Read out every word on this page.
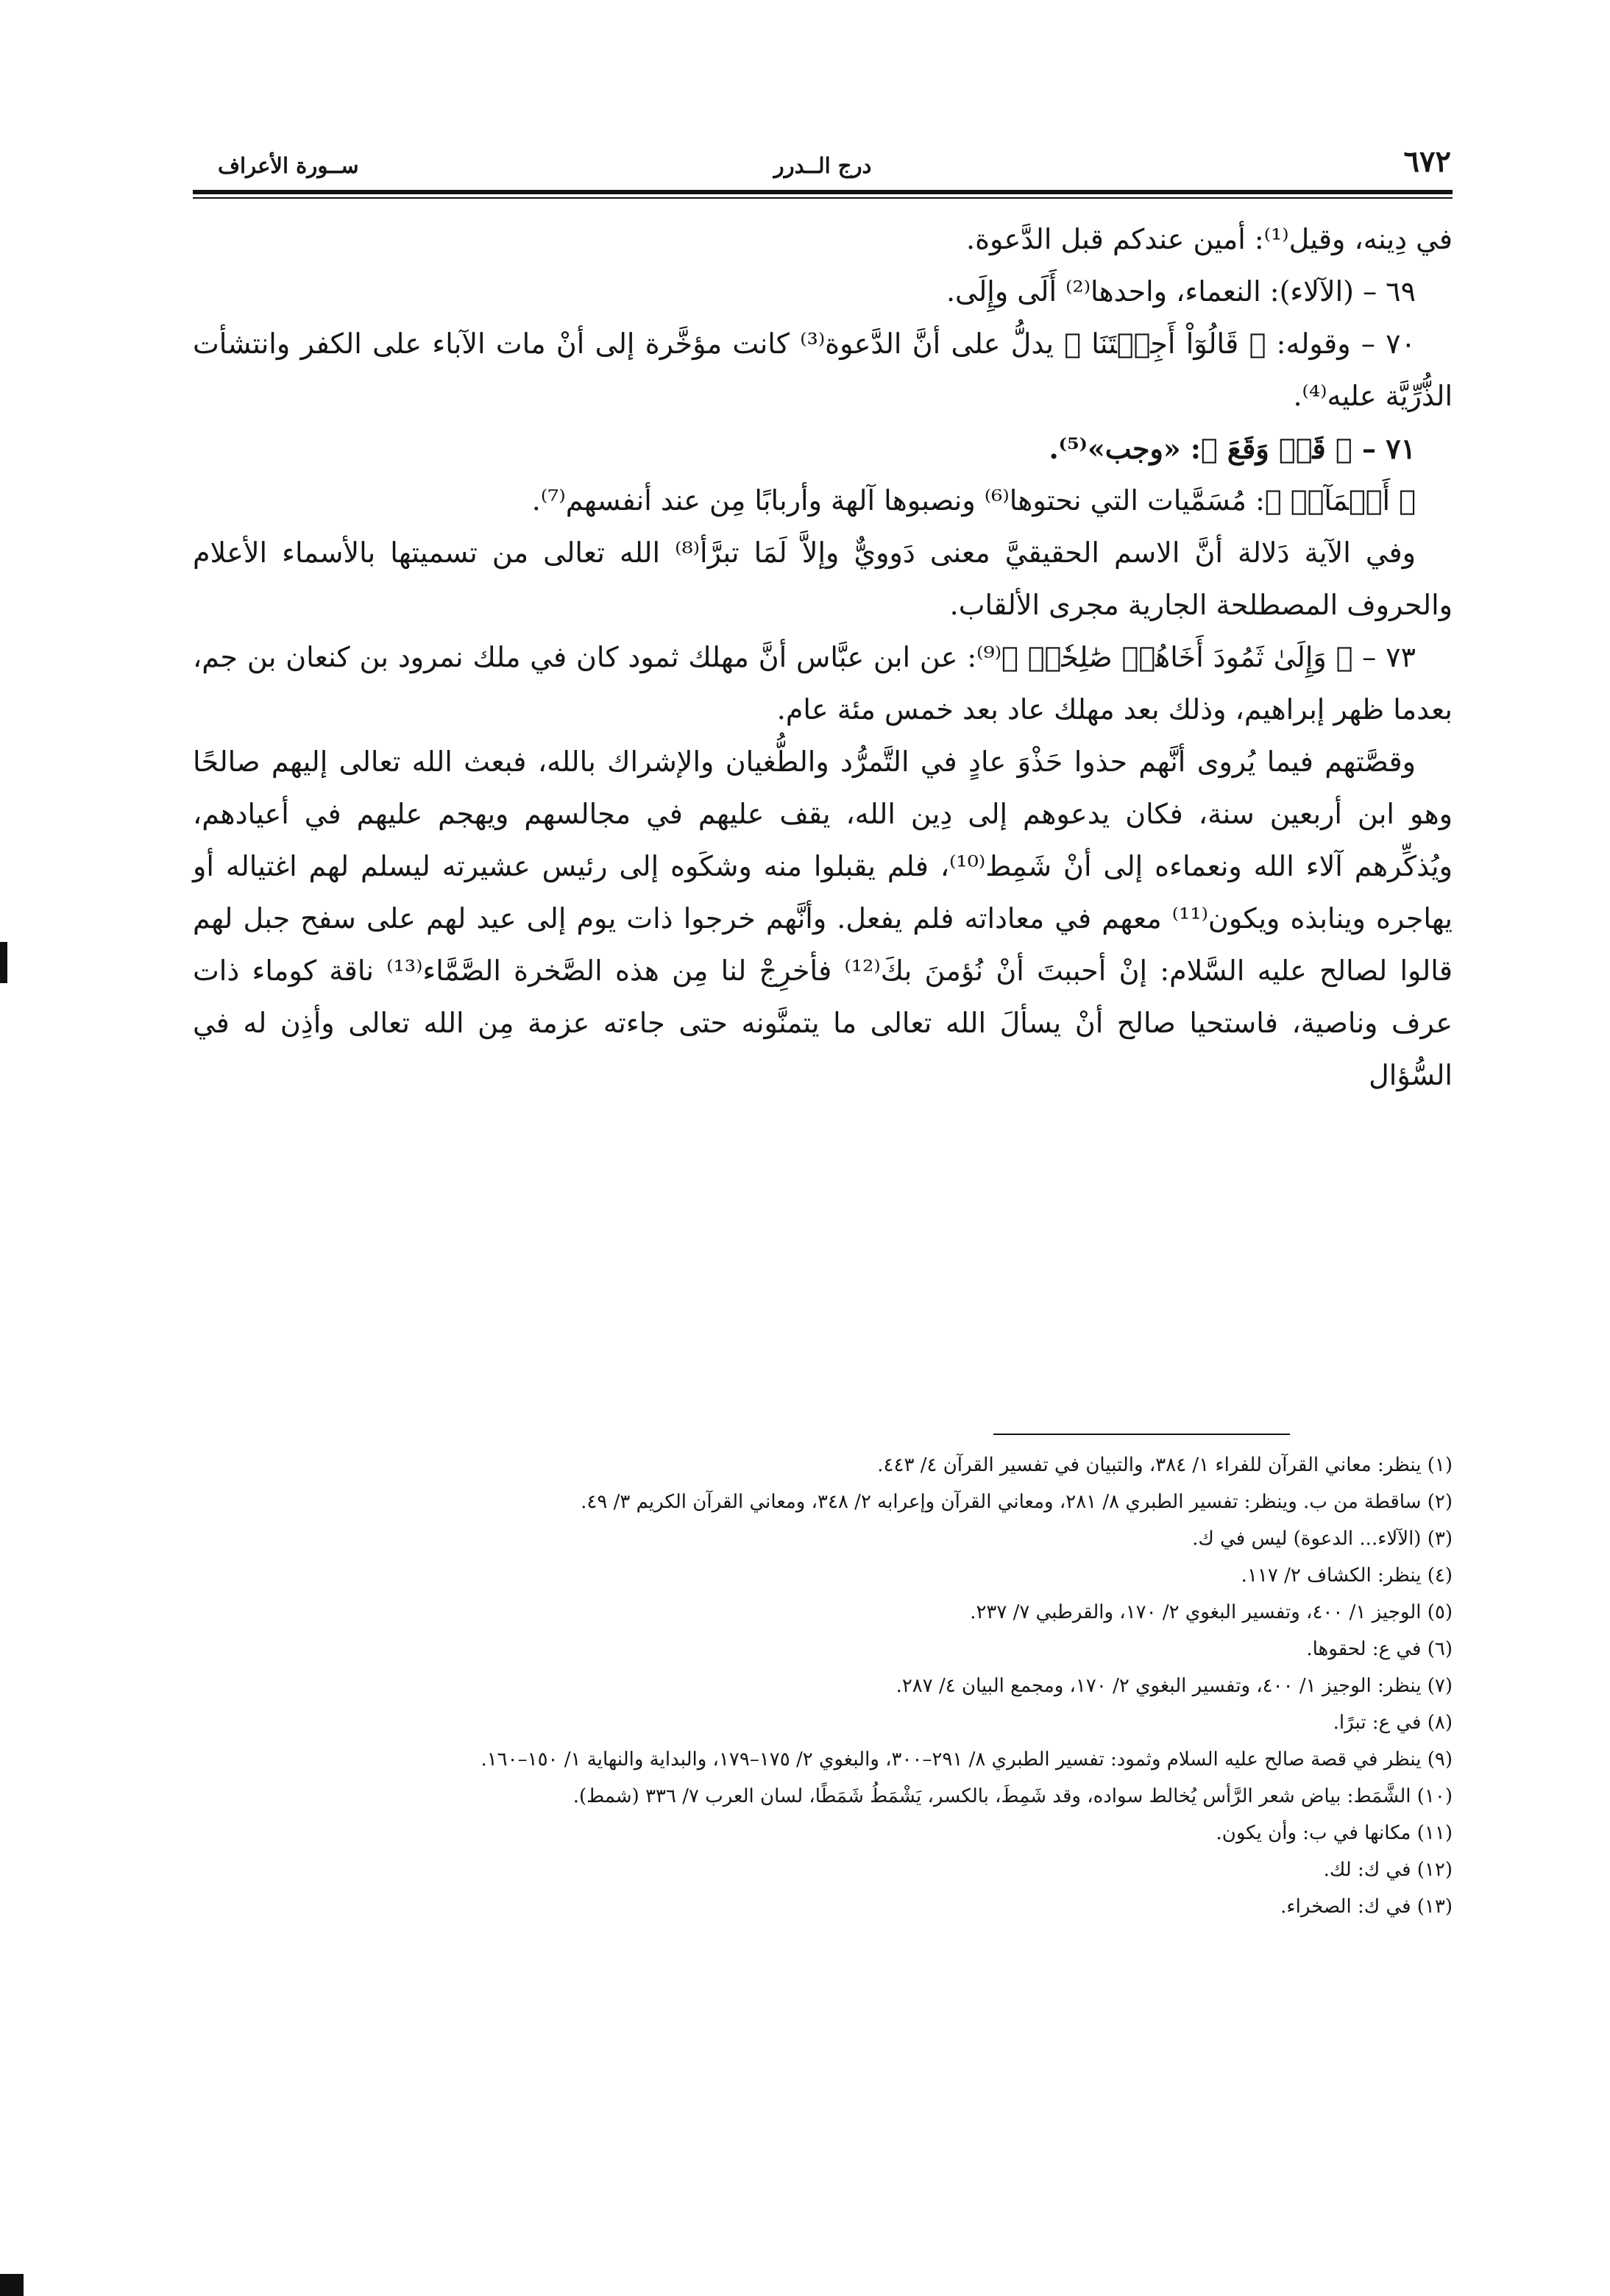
٦٧٢
درج الــدرر
ســورة الأعراف

في دِينه، وقيل⁽¹⁾: أمين عندكم قبل الدَّعوة.

٦٩ – (الآلاء): النعماء، واحدها⁽²⁾ أَلَى وإِلَى.

٧٠ – وقوله: ﴿ قَالُوٓاْ أَجِئۡتَنَا ﴾ يدلُّ على أنَّ الدَّعوة⁽³⁾ كانت مؤخَّرة إلى أنْ مات الآباء على الكفر وانتشأت الذُّرِّيَّة عليه⁽⁴⁾.

٧١ – ﴿ قَدۡ وَقَعَ ﴾: «وجب»⁽⁵⁾.

﴿ أَسۡمَآءٖ ﴾: مُسَمَّيات التي نحتوها⁽⁶⁾ ونصبوها آلهة وأربابًا مِن عند أنفسهم⁽⁷⁾.

وفي الآية دَلالة أنَّ الاسم الحقيقيَّ معنى دَوويٌّ وإلاَّ لَمَا تبرَّأ⁽⁸⁾ الله تعالى من تسميتها بالأسماء الأعلام والحروف المصطلحة الجارية مجرى الألقاب.

٧٣ – ﴿ وَإِلَىٰ ثَمُودَ أَخَاهُمۡ صَٰلِحٗاۚ ﴾⁽⁹⁾: عن ابن عبَّاس أنَّ مهلك ثمود كان في ملك نمرود بن كنعان بن جم، بعدما ظهر إبراهيم، وذلك بعد مهلك عاد بعد خمس مئة عام.

وقصَّتهم فيما يُروى أنَّهم حذوا حَذْوَ عادٍ في التَّمرُّد والطُّغيان والإشراك بالله، فبعث الله تعالى إليهم صالحًا وهو ابن أربعين سنة، فكان يدعوهم إلى دِين الله، يقف عليهم في مجالسهم ويهجم عليهم في أعيادهم، ويُذكِّرهم آلاء الله ونعماءه إلى أنْ شَمِط⁽¹⁰⁾، فلم يقبلوا منه وشكَوه إلى رئيس عشيرته ليسلم لهم اغتياله أو يهاجره وينابذه ويكون⁽¹¹⁾ معهم في معاداته فلم يفعل. وأنَّهم خرجوا ذات يوم إلى عيد لهم على سفح جبل لهم قالوا لصالح عليه السَّلام: إنْ أحببتَ أنْ نُؤمنَ بكَ⁽¹²⁾ فأخرِجْ لنا مِن هذه الصَّخرة الصَّمَّاء⁽¹³⁾ ناقة كوماء ذات عرف وناصية، فاستحيا صالح أنْ يسألَ الله تعالى ما يتمنَّونه حتى جاءته عزمة مِن الله تعالى وأذِن له في السُّؤال

(١) ينظر: معاني القرآن للفراء ١/ ٣٨٤، والتبيان في تفسير القرآن ٤/ ٤٤٣.

(٢) ساقطة من ب. وينظر: تفسير الطبري ٨/ ٢٨١، ومعاني القرآن وإعرابه ٢/ ٣٤٨، ومعاني القرآن الكريم ٣/ ٤٩.

(٣) (الآلاء... الدعوة) ليس في ك.

(٤) ينظر: الكشاف ٢/ ١١٧.

(٥) الوجيز ١/ ٤٠٠، وتفسير البغوي ٢/ ١٧٠، والقرطبي ٧/ ٢٣٧.

(٦) في ع: لحقوها.

(٧) ينظر: الوجيز ١/ ٤٠٠، وتفسير البغوي ٢/ ١٧٠، ومجمع البيان ٤/ ٢٨٧.

(٨) في ع: تبرًا.

(٩) ينظر في قصة صالح عليه السلام وثمود: تفسير الطبري ٨/ ٢٩١–٣٠٠، والبغوي ٢/ ١٧٥–١٧٩، والبداية والنهاية ١/ ١٥٠–١٦٠.

(١٠) الشَّمَط: بياض شعر الرَّأس يُخالط سواده، وقد شَمِطَ، بالكسر، يَشْمَطُ شَمَطًا، لسان العرب ٧/ ٣٣٦ (شمط).

(١١) مكانها في ب: وأن يكون.

(١٢) في ك: لك.

(١٣) في ك: الصخراء.
